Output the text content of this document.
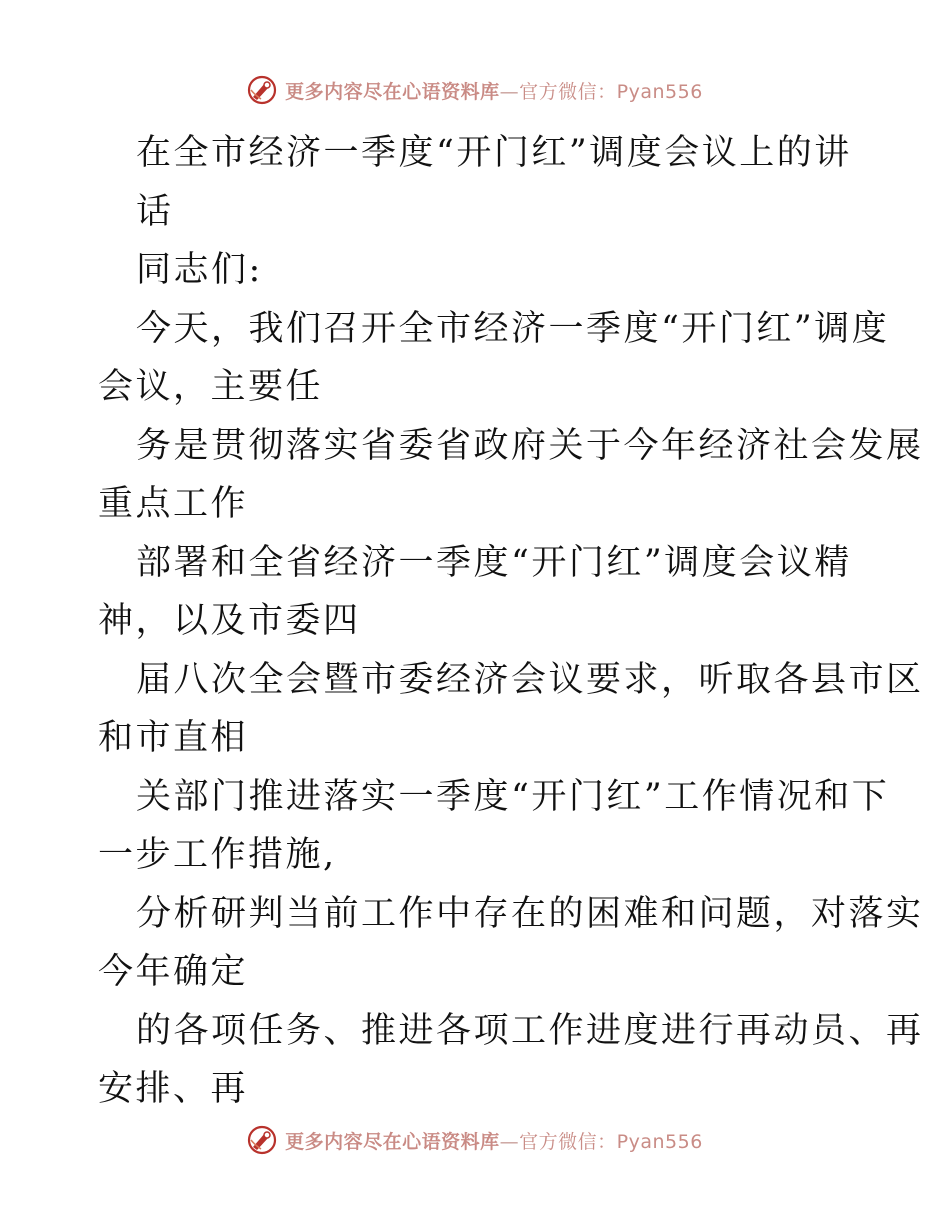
更多内容尽在心语资料库—官方微信：Pyan556
在全市经济一季度“开门红”调度会议上的讲
话
同志们:
今天，我们召开全市经济一季度“开门红”调度
会议，主要任
务是贯彻落实省委省政府关于今年经济社会发展
重点工作
部署和全省经济一季度“开门红”调度会议精
神，以及市委四
届八次全会暨市委经济会议要求，听取各县市区
和市直相
关部门推进落实一季度“开门红”工作情况和下
一步工作措施,
分析研判当前工作中存在的困难和问题，对落实
今年确定
的各项任务、推进各项工作进度进行再动员、再
安排、再
更多内容尽在心语资料库—官方微信：Pyan556
